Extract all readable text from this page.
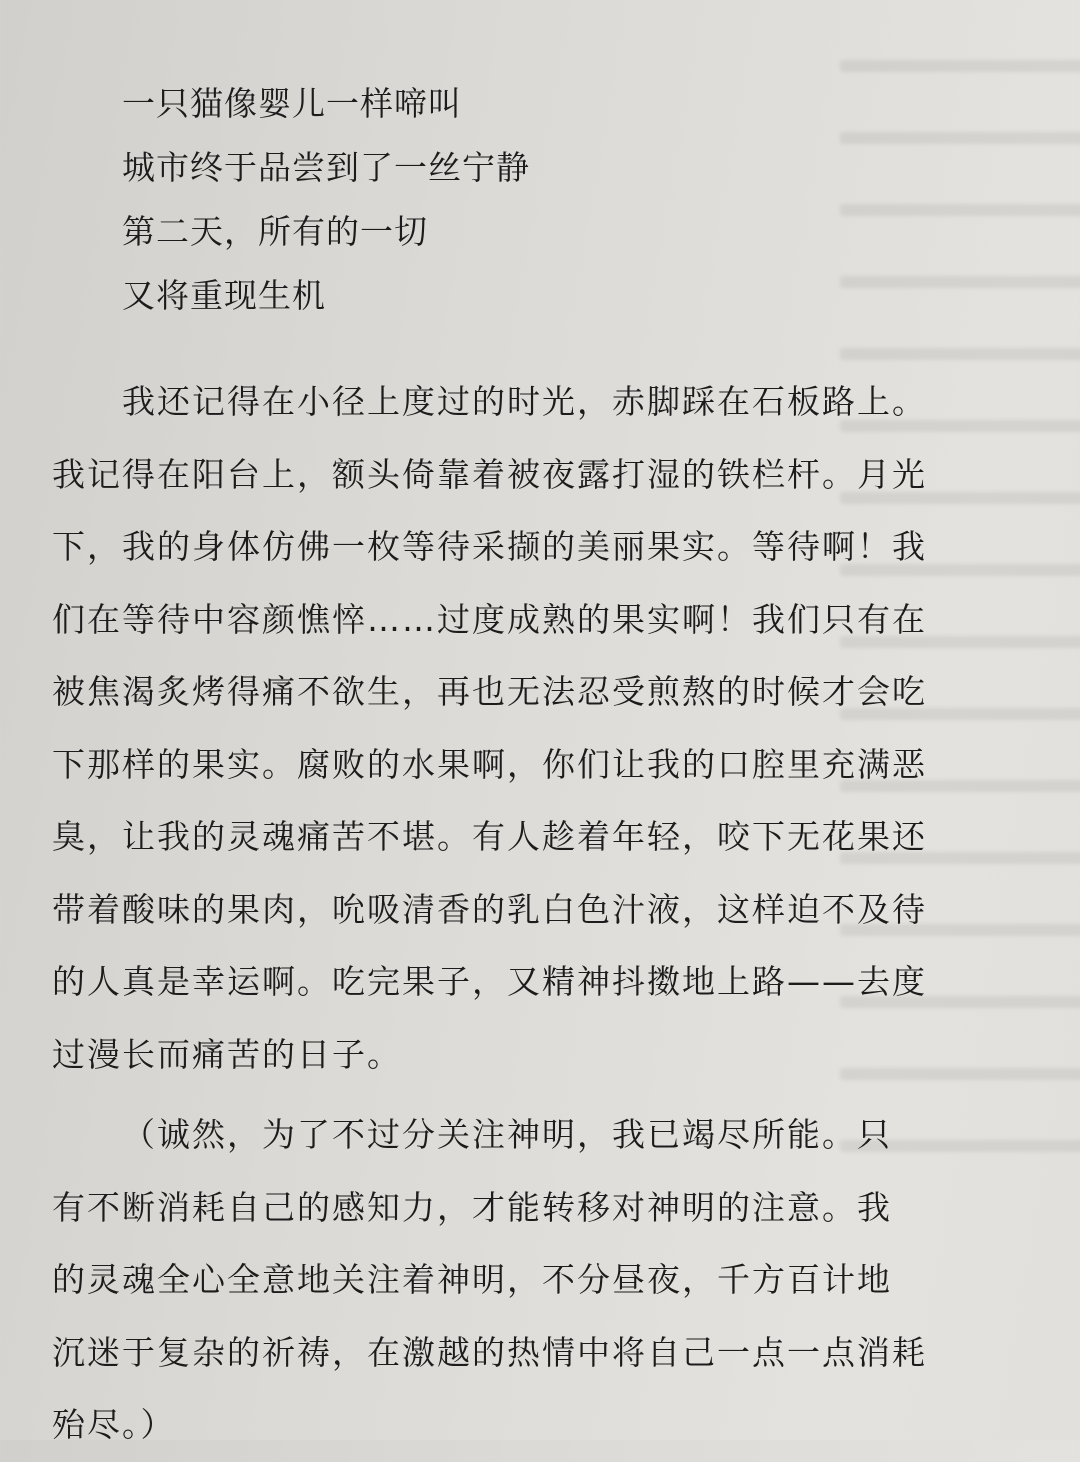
一只猫像婴儿一样啼叫
城市终于品尝到了一丝宁静
第二天，所有的一切
又将重现生机
我还记得在小径上度过的时光，赤脚踩在石板路上。
我记得在阳台上，额头倚靠着被夜露打湿的铁栏杆。月光
下，我的身体仿佛一枚等待采撷的美丽果实。等待啊！我
们在等待中容颜憔悴……过度成熟的果实啊！我们只有在
被焦渴炙烤得痛不欲生，再也无法忍受煎熬的时候才会吃
下那样的果实。腐败的水果啊，你们让我的口腔里充满恶
臭，让我的灵魂痛苦不堪。有人趁着年轻，咬下无花果还
带着酸味的果肉，吮吸清香的乳白色汁液，这样迫不及待
的人真是幸运啊。吃完果子，又精神抖擞地上路——去度
过漫长而痛苦的日子。
（诚然，为了不过分关注神明，我已竭尽所能。只
有不断消耗自己的感知力，才能转移对神明的注意。我
的灵魂全心全意地关注着神明，不分昼夜，千方百计地
沉迷于复杂的祈祷，在激越的热情中将自己一点一点消耗
殆尽。）
